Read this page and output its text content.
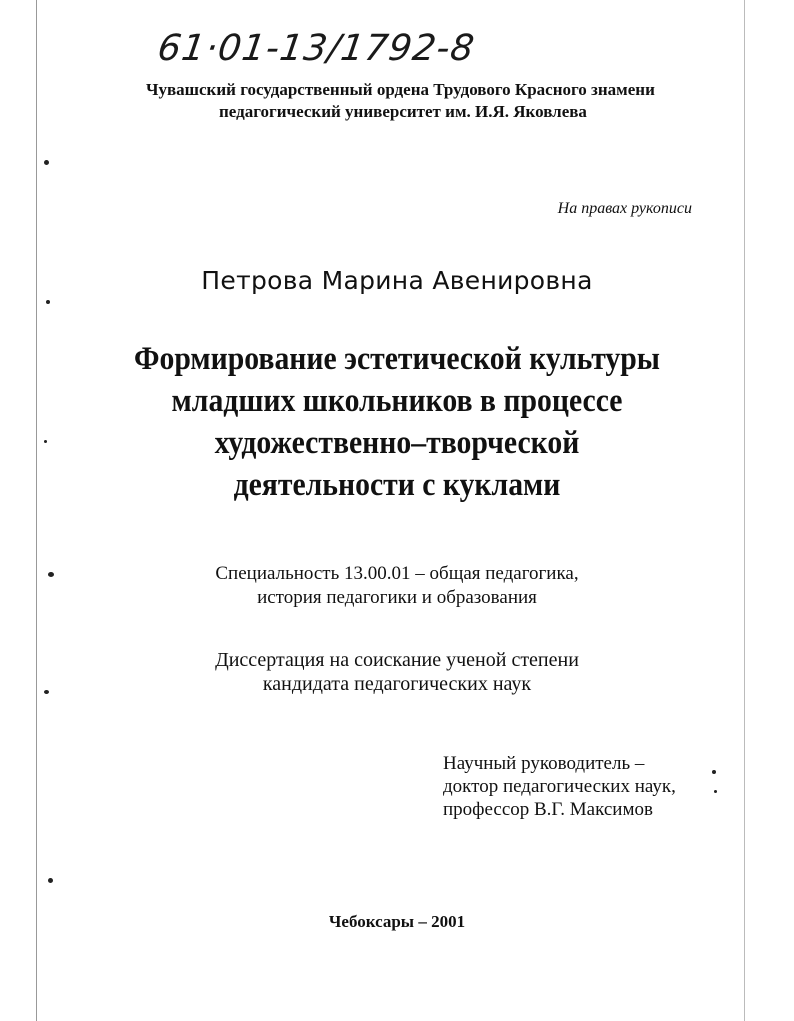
61·01-13/1792-8
Чувашский государственный ордена Трудового Красного знамени
педагогический университет им. И.Я. Яковлева
На правах рукописи
Петрова Марина Авенировна
Формирование эстетической культуры
младших школьников в процессе
художественно–творческой
деятельности с куклами
Специальность 13.00.01 – общая педагогика,
история педагогики и образования
Диссертация на соискание ученой степени
кандидата педагогических наук
Научный руководитель –
доктор педагогических наук,
профессор В.Г. Максимов
Чебоксары – 2001
